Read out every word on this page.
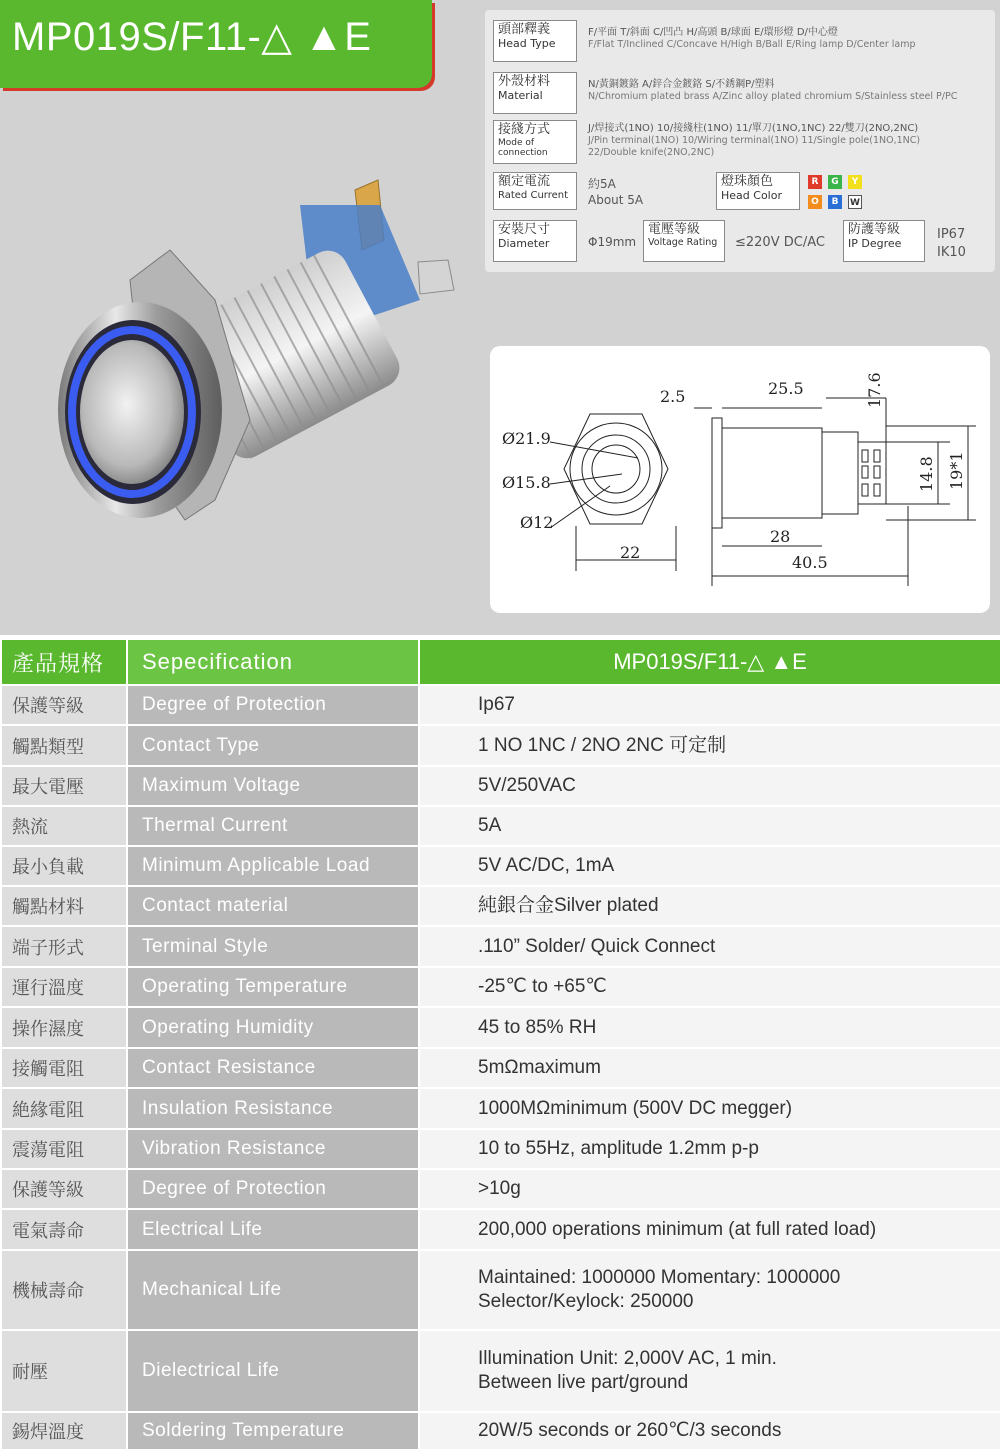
MP019S/F11-△ ▲E	頭部釋義
Head Type
F/平面 T/斜面 C/凹凸 H/高頭 B/球面 E/環形燈 D/中心燈
F/Flat T/Inclined C/Concave H/High B/Ball E/Ring lamp D/Center lamp
外殼材料
Material
N/黃銅鍍鉻 A/鋅合金鍍鉻 S/不銹鋼P/塑料
N/Chromium plated brass A/Zinc alloy plated chromium S/Stainless steel P/PC
接綫方式
Mode of
connection
J/焊接式(1NO) 10/接綫柱(1NO) 11/單刀(1NO,1NC) 22/雙刀(2NO,2NC)
J/Pin terminal(1NO) 10/Wiring terminal(1NO) 11/Single pole(1NO,1NC)
22/Double knife(2NO,2NC)
額定電流
Rated Current
約5A
About 5A
燈珠顏色
Head Color
R	G	Y
O	B	W
安裝尺寸
Diameter	Φ19mm
電壓等級
Voltage Rating ≤220V DC/AC
防護等級
IP Degree
IP67
IK10
Ø21.9
Ø15.8
Ø12
22
2.5	25.5
28
40.5
17.6
14.8 19*1
產品規格	Sepecification	MP019S/F11-△ ▲E
保護等級	Degree of Protection	Ip67

觸點類型	Contact Type	1 NO 1NC / 2NO 2NC 可定制

最大電壓	Maximum Voltage	5V/250VAC

熱流	Thermal Current	5A

最小負載	Minimum Applicable Load	5V AC/DC, 1mA

觸點材料	Contact material	純銀合金Silver plated

端子形式	Terminal Style	.110” Solder/ Quick Connect

運行溫度	Operating Temperature	-25℃ to +65℃

操作濕度	Operating Humidity	45 to 85% RH

接觸電阻	Contact Resistance	5mΩmaximum

絶緣電阻	Insulation Resistance	1000MΩminimum (500V DC megger)

震蕩電阻	Vibration Resistance	10 to 55Hz, amplitude 1.2mm p-p

保護等級	Degree of Protection	>10g

電氣壽命	Electrical Life	200,000 operations minimum (at full rated load)

機械壽命	Mechanical Life	Maintained: 1000000 Momentary: 1000000
Selector/Keylock: 250000

耐壓	Dielectrical Life	Illumination Unit: 2,000V AC, 1 min.
Between live part/ground

錫焊溫度	Soldering Temperature	20W/5 seconds or 260℃/3 seconds
